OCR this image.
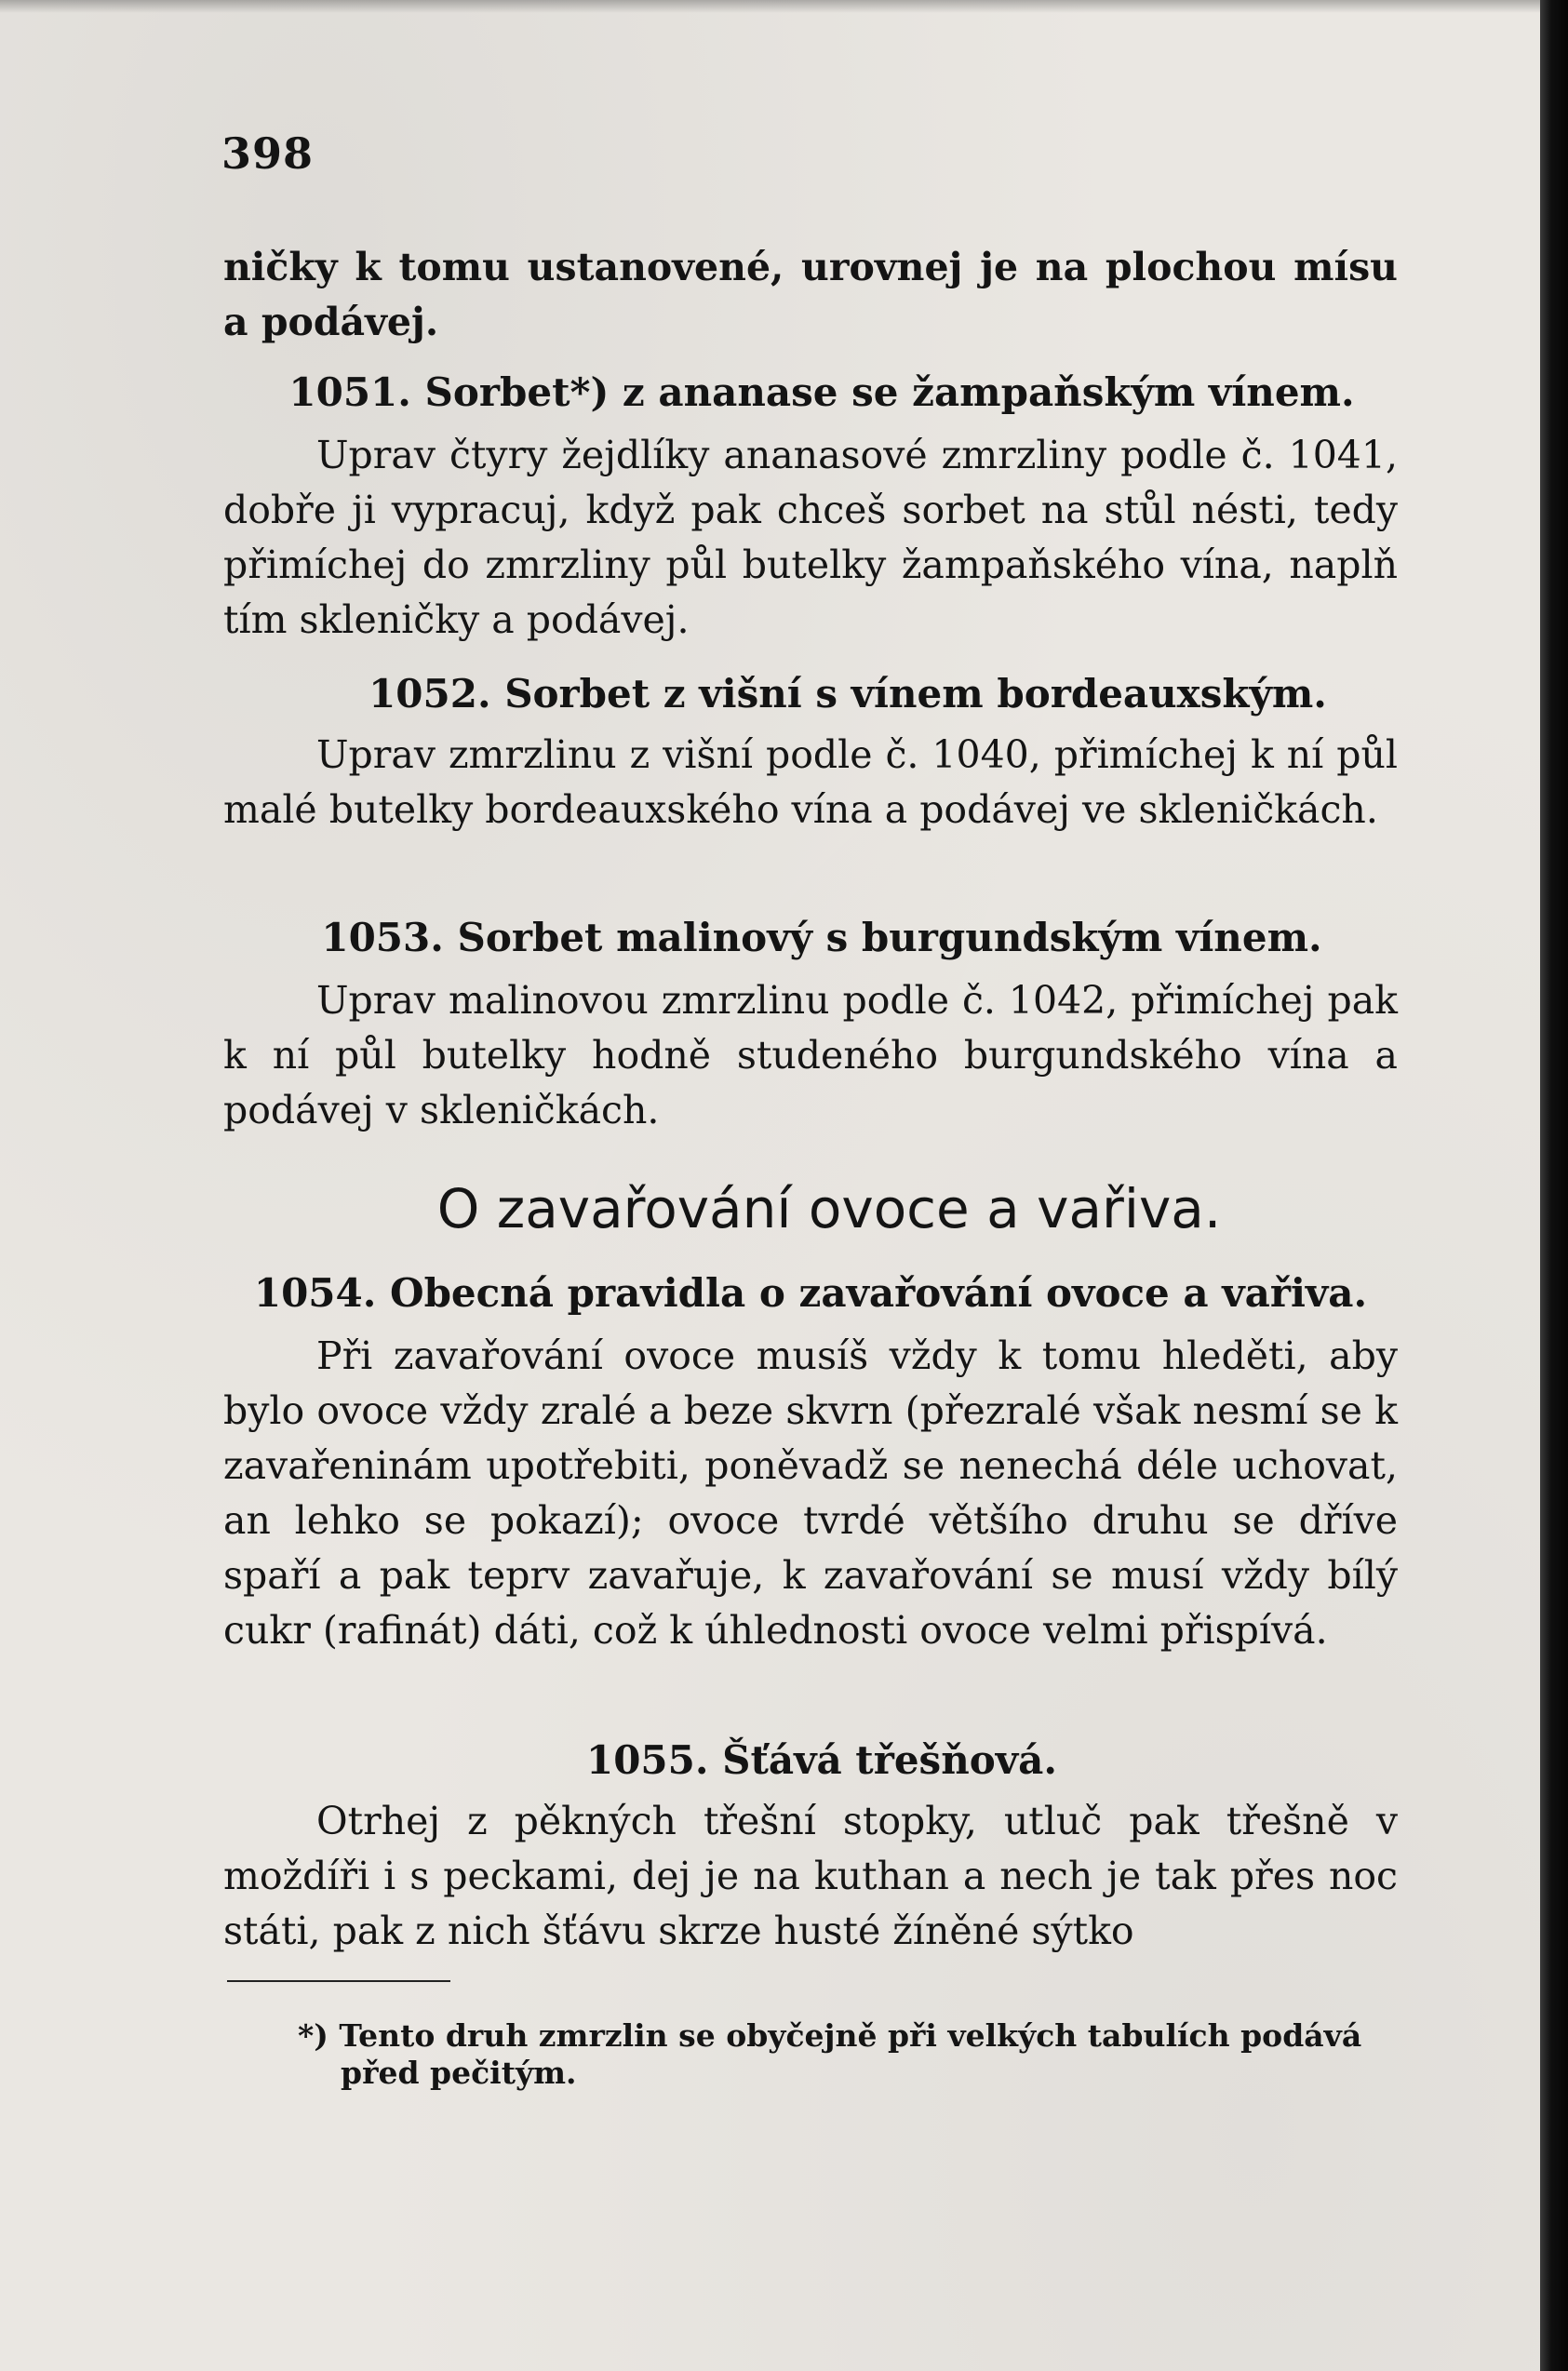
398

ničky k tomu ustanovené, urovnej je na plochou mísu a podávej.

1051. Sorbet*) z ananase se žampaňským vínem.

Uprav čtyry žejdlíky ananasové zmrzliny podle č. 1041, dobře ji vypracuj, když pak chceš sorbet na stůl nésti, tedy přimíchej do zmrzliny půl butelky žampaňského vína, naplň tím skleničky a podávej.

1052. Sorbet z višní s vínem bordeauxským.

Uprav zmrzlinu z višní podle č. 1040, přimíchej k ní půl malé butelky bordeauxského vína a podávej ve skleničkách.

1053. Sorbet malinový s burgundským vínem.

Uprav malinovou zmrzlinu podle č. 1042, přimíchej pak k ní půl butelky hodně studeného burgundského vína a podávej v skleničkách.

O zavařování ovoce a vařiva.

1054. Obecná pravidla o zavařování ovoce a vařiva.

Při zavařování ovoce musíš vždy k tomu hleděti, aby bylo ovoce vždy zralé a beze skvrn (přezralé však nesmí se k zavařeninám upotřebiti, poněvadž se nenechá déle uchovat, an lehko se pokazí); ovoce tvrdé většího druhu se dříve spaří a pak teprv zavařuje, k zavařování se musí vždy bílý cukr (rafinát) dáti, což k úhlednosti ovoce velmi přispívá.

1055. Šťává třešňová.

Otrhej z pěkných třešní stopky, utluč pak třešně v moždíři i s peckami, dej je na kuthan a nech je tak přes noc státi, pak z nich šťávu skrze husté žíněné sýtko

*) Tento druh zmrzlin se obyčejně při velkých tabulích podává
před pečitým.
